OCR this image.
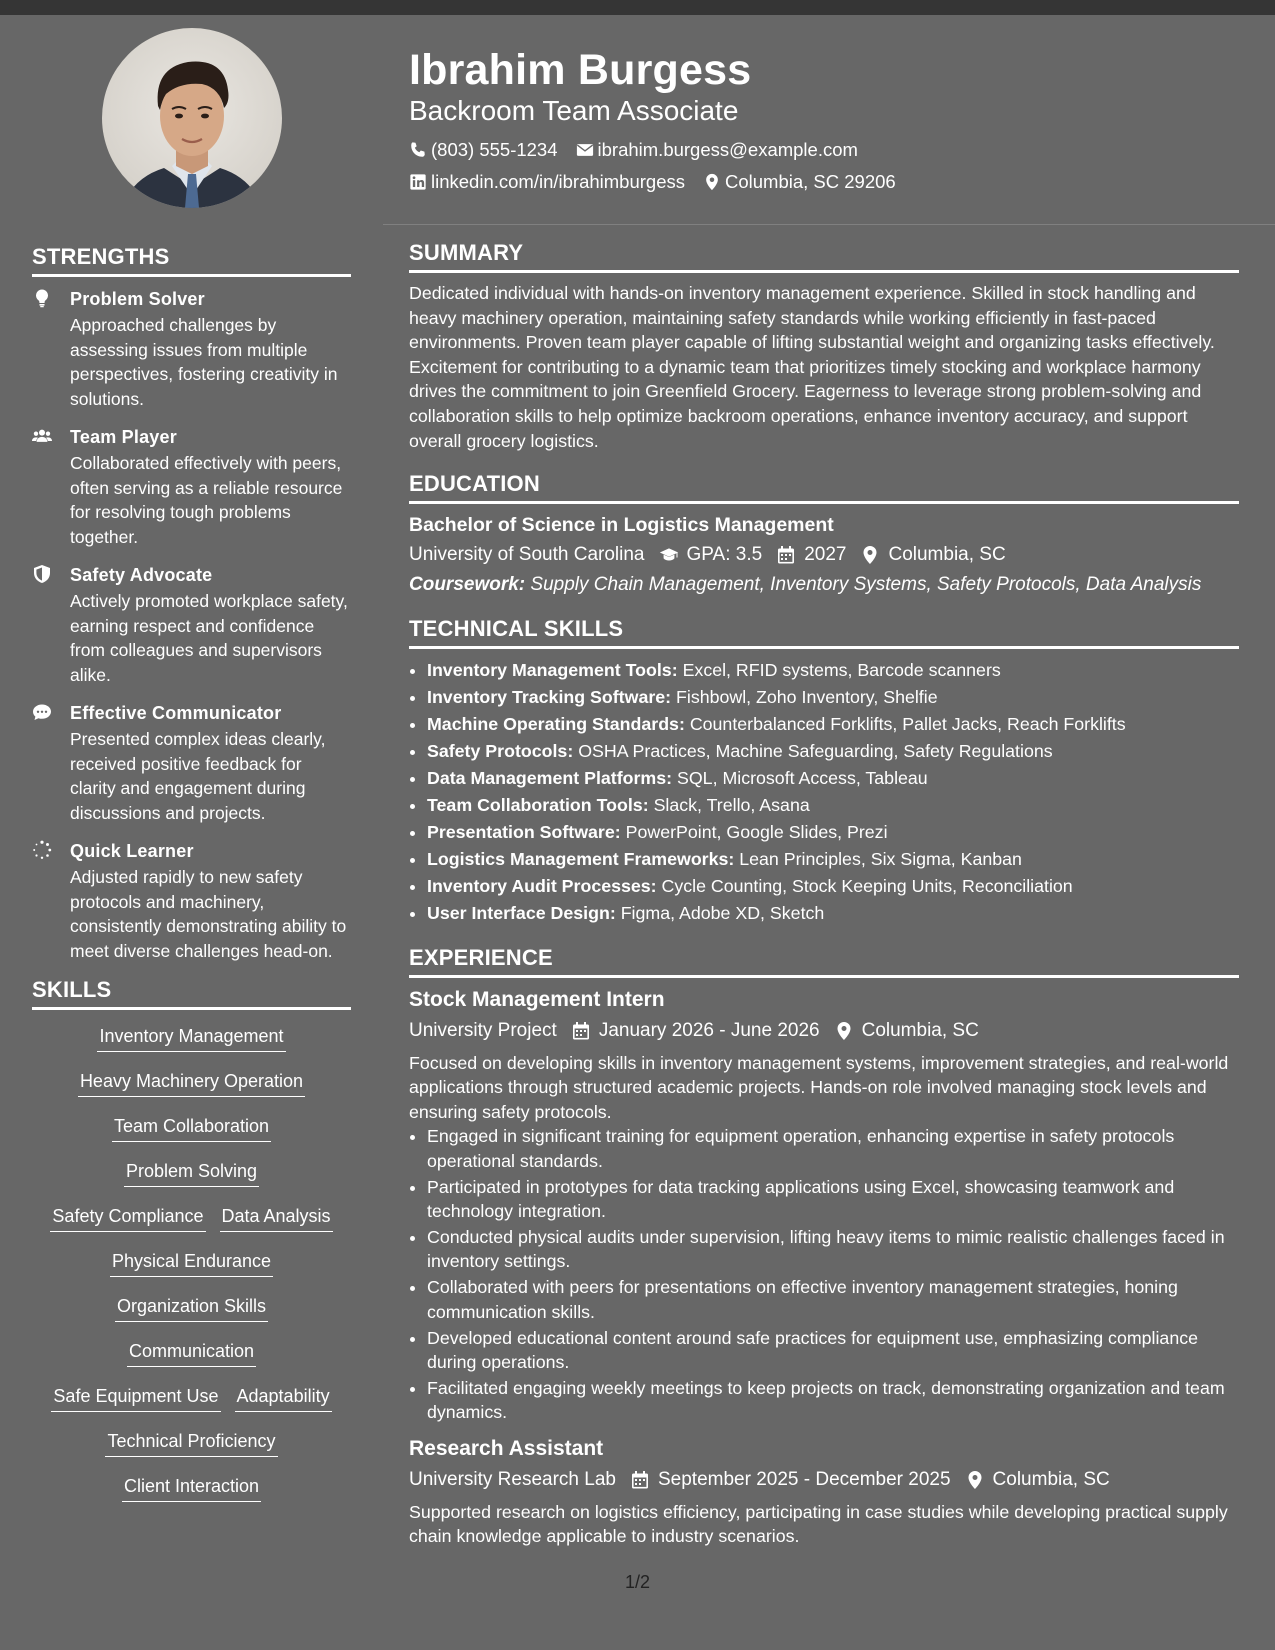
STRENGTHS
Problem Solver
Approached challenges by assessing issues from multiple perspectives, fostering creativity in solutions.
Team Player
Collaborated effectively with peers, often serving as a reliable resource for resolving tough problems together.
Safety Advocate
Actively promoted workplace safety, earning respect and confidence from colleagues and supervisors alike.
Effective Communicator
Presented complex ideas clearly, received positive feedback for clarity and engagement during discussions and projects.
Quick Learner
Adjusted rapidly to new safety protocols and machinery, consistently demonstrating ability to meet diverse challenges head-on.
SKILLS
Inventory Management
Heavy Machinery Operation
Team Collaboration
Problem Solving
Safety Compliance Data Analysis
Physical Endurance
Organization Skills
Communication
Safe Equipment Use Adaptability
Technical Proficiency
Client Interaction
Ibrahim Burgess
Backroom Team Associate
(803) 555-1234 ibrahim.burgess@example.com
linkedin.com/in/ibrahimburgess Columbia, SC 29206
SUMMARY
Dedicated individual with hands-on inventory management experience. Skilled in stock handling and heavy machinery operation, maintaining safety standards while working efficiently in fast-paced environments. Proven team player capable of lifting substantial weight and organizing tasks effectively. Excitement for contributing to a dynamic team that prioritizes timely stocking and workplace harmony drives the commitment to join Greenfield Grocery. Eagerness to leverage strong problem-solving and collaboration skills to help optimize backroom operations, enhance inventory accuracy, and support overall grocery logistics.
EDUCATION
Bachelor of Science in Logistics Management
University of South Carolina GPA: 3.5 2027 Columbia, SC
Coursework: Supply Chain Management, Inventory Systems, Safety Protocols, Data Analysis
TECHNICAL SKILLS
• Inventory Management Tools: Excel, RFID systems, Barcode scanners
• Inventory Tracking Software: Fishbowl, Zoho Inventory, Shelfie
• Machine Operating Standards: Counterbalanced Forklifts, Pallet Jacks, Reach Forklifts
• Safety Protocols: OSHA Practices, Machine Safeguarding, Safety Regulations
• Data Management Platforms: SQL, Microsoft Access, Tableau
• Team Collaboration Tools: Slack, Trello, Asana
• Presentation Software: PowerPoint, Google Slides, Prezi
• Logistics Management Frameworks: Lean Principles, Six Sigma, Kanban
• Inventory Audit Processes: Cycle Counting, Stock Keeping Units, Reconciliation
• User Interface Design: Figma, Adobe XD, Sketch
EXPERIENCE
Stock Management Intern
University Project January 2026 - June 2026 Columbia, SC
Focused on developing skills in inventory management systems, improvement strategies, and real-world applications through structured academic projects. Hands-on role involved managing stock levels and ensuring safety protocols.
• Engaged in significant training for equipment operation, enhancing expertise in safety protocols operational standards.
• Participated in prototypes for data tracking applications using Excel, showcasing teamwork and technology integration.
• Conducted physical audits under supervision, lifting heavy items to mimic realistic challenges faced in inventory settings.
• Collaborated with peers for presentations on effective inventory management strategies, honing communication skills.
• Developed educational content around safe practices for equipment use, emphasizing compliance during operations.
• Facilitated engaging weekly meetings to keep projects on track, demonstrating organization and team dynamics.
Research Assistant
University Research Lab September 2025 - December 2025 Columbia, SC
Supported research on logistics efficiency, participating in case studies while developing practical supply chain knowledge applicable to industry scenarios.
1/2
